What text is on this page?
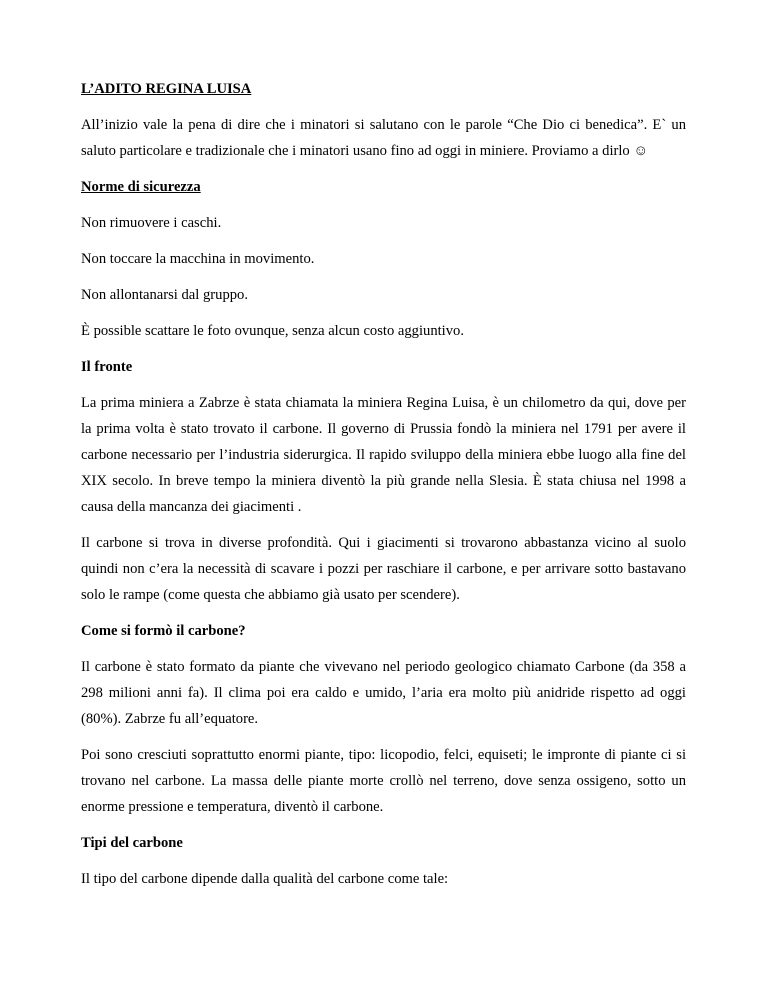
L’ADITO REGINA LUISA

All’inizio vale la pena di dire che i minatori si salutano con le parole “Che Dio ci benedica”. E` un saluto particolare e tradizionale che i minatori usano fino ad oggi in miniere. Proviamo a dirlo ☺

Norme di sicurezza

Non rimuovere i caschi.

Non toccare la macchina in movimento.

Non allontanarsi dal gruppo.

È possible scattare le foto ovunque, senza alcun costo aggiuntivo.

Il fronte

La prima miniera a Zabrze è stata chiamata la miniera Regina Luisa, è un chilometro da qui, dove per la prima volta è stato trovato il carbone. Il governo di Prussia fondò la miniera nel 1791 per avere il carbone necessario per l’industria siderurgica. Il rapido sviluppo della miniera ebbe luogo alla fine del XIX secolo. In breve tempo la miniera diventò la più grande nella Slesia. È stata chiusa nel 1998 a causa della mancanza dei giacimenti .

Il carbone si trova in diverse profondità. Qui i giacimenti si trovarono abbastanza vicino al suolo quindi non c’era la necessità di scavare i pozzi per raschiare il carbone, e per arrivare sotto bastavano solo le rampe (come questa che abbiamo già usato per scendere).

Come si formò il carbone?

Il carbone è stato formato da piante che vivevano nel periodo geologico chiamato Carbone (da 358 a 298 milioni anni fa). Il clima poi era caldo e umido, l’aria era molto più anidride rispetto ad oggi (80%). Zabrze fu all’equatore.

Poi sono cresciuti soprattutto enormi piante, tipo: licopodio, felci, equiseti; le impronte di piante ci si trovano nel carbone. La massa delle piante morte crollò nel terreno, dove senza ossigeno, sotto un enorme pressione e temperatura, diventò il carbone.

Tipi del carbone

Il tipo del carbone dipende dalla qualità del carbone come tale:
